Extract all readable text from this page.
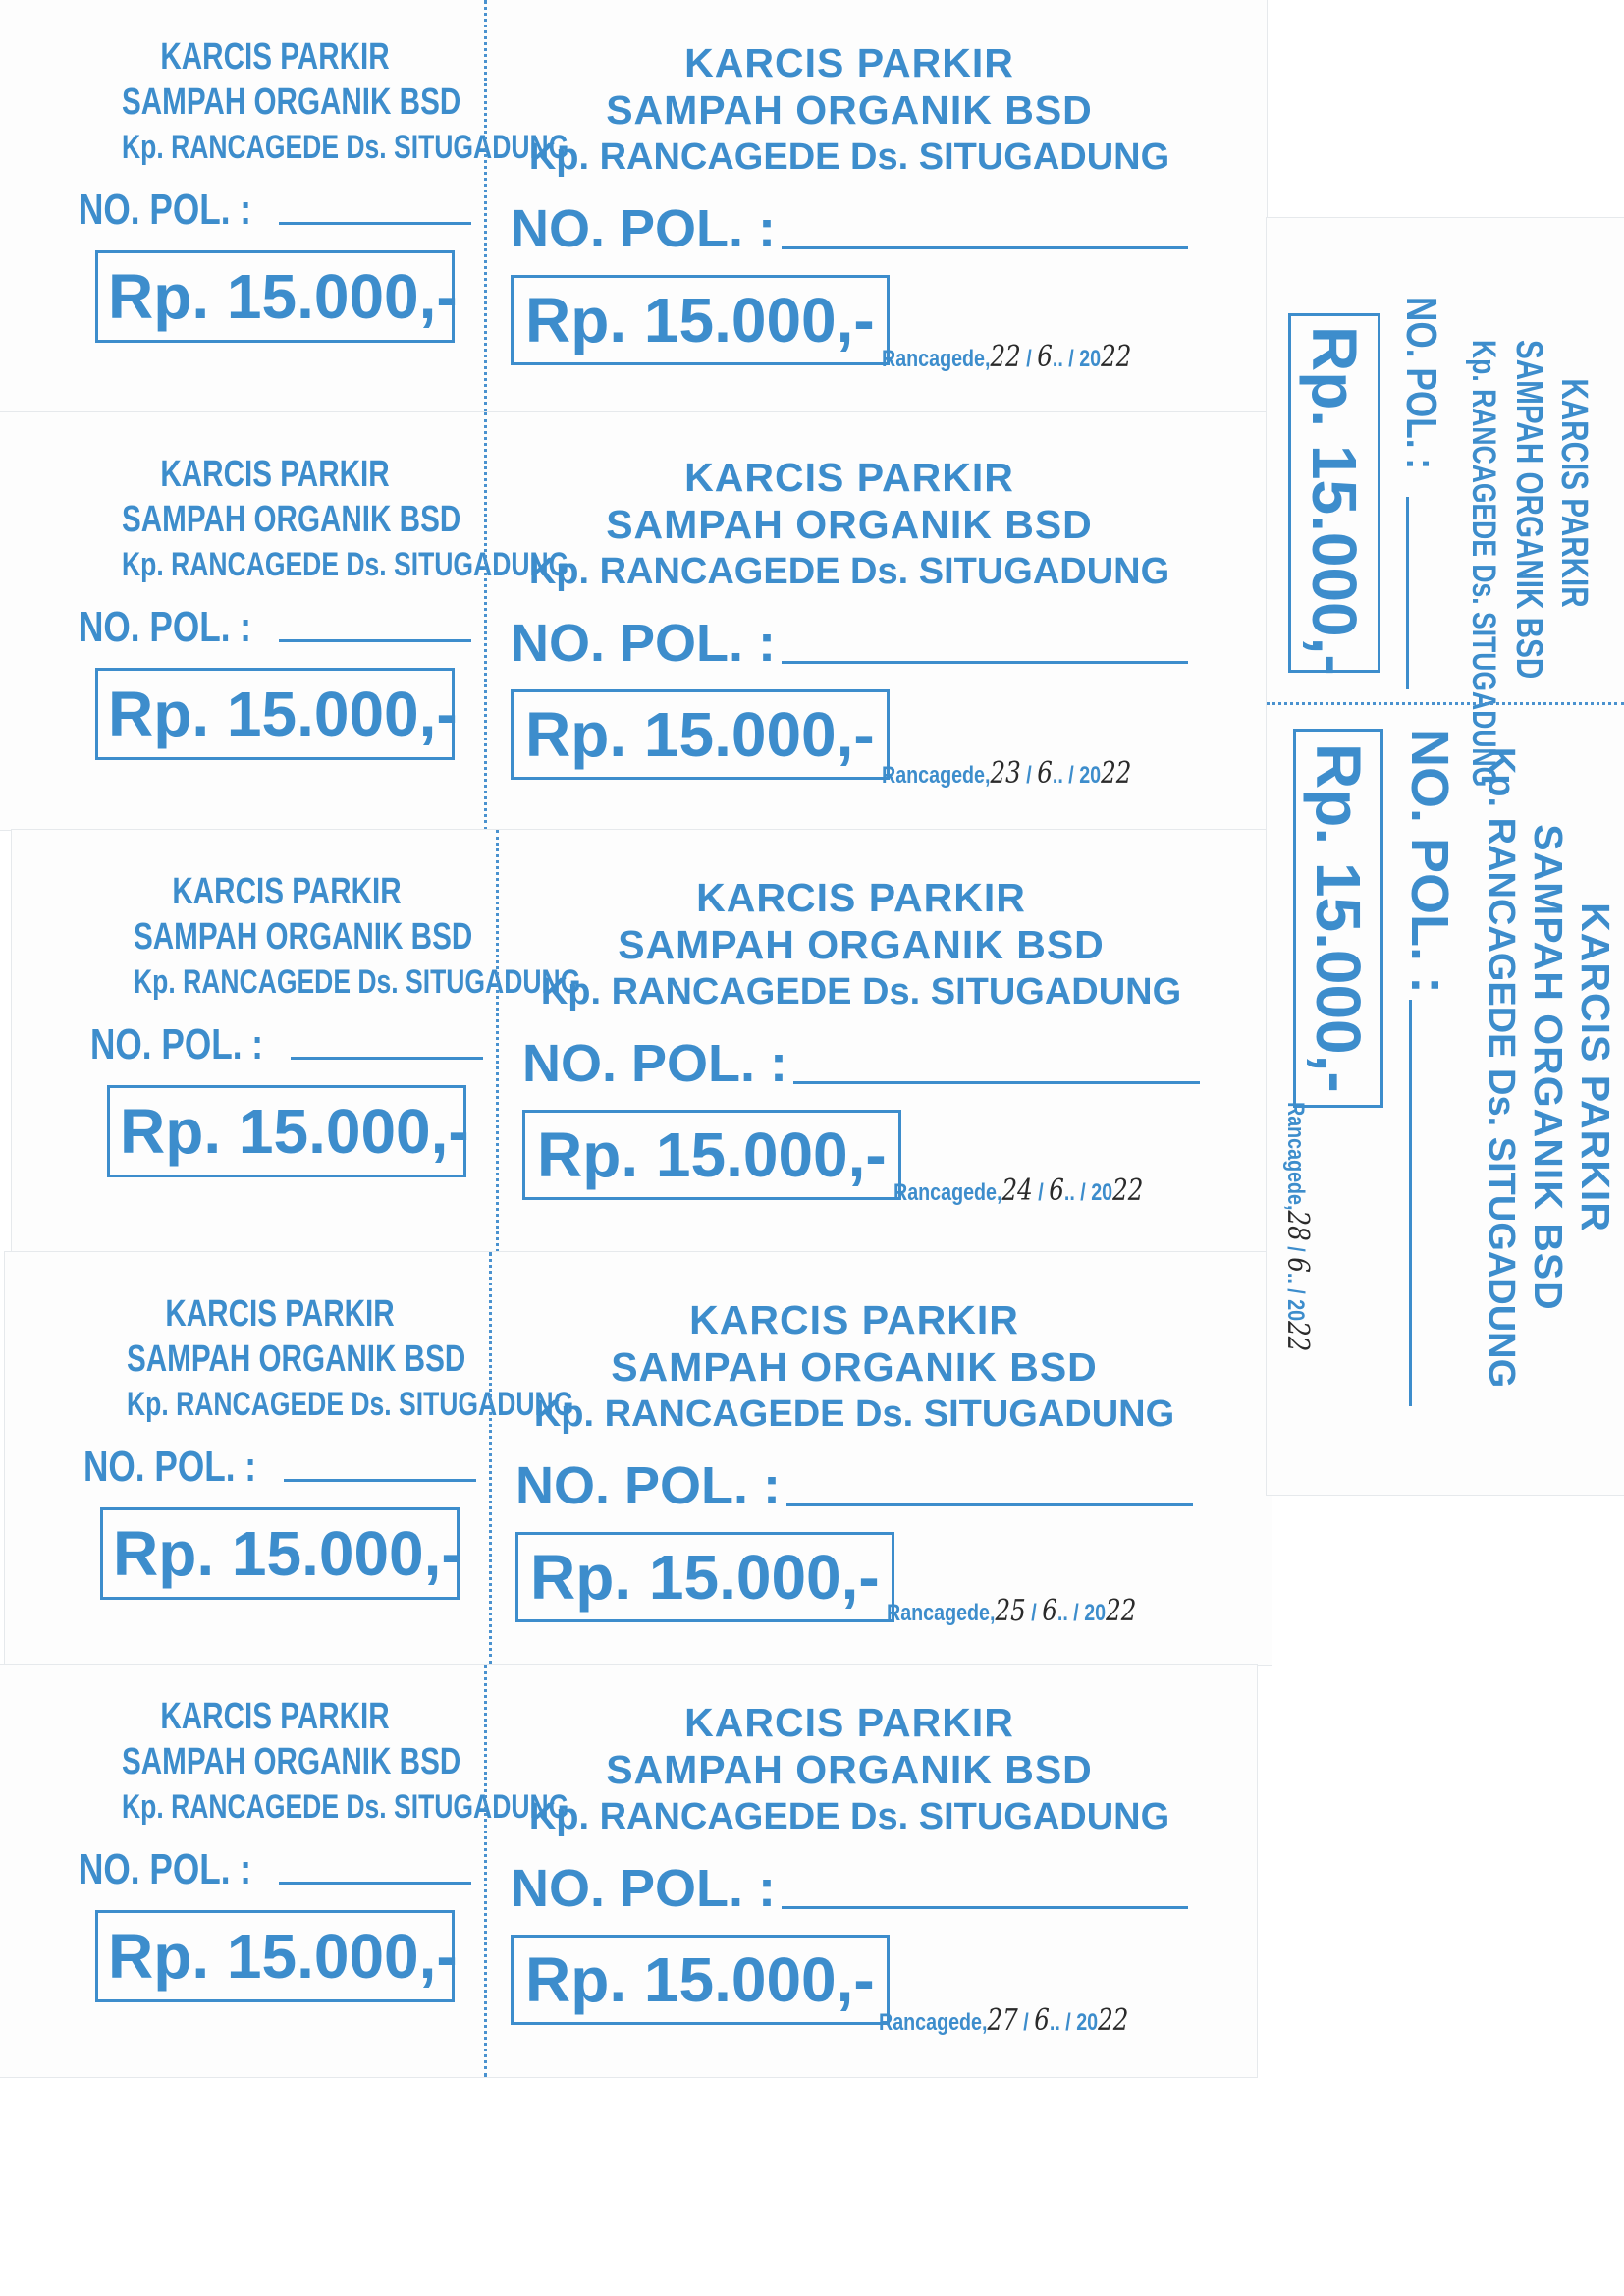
KARCIS PARKIR
SAMPAH ORGANIK BSD
Kp. RANCAGEDE Ds. SITUGADUNG
NO. POL. :
Rp. 15.000,-
KARCIS PARKIR
SAMPAH ORGANIK BSD
Kp. RANCAGEDE Ds. SITUGADUNG
NO. POL. :
Rp. 15.000,-
Rancagede,22 / 6.. / 2022
KARCIS PARKIR
SAMPAH ORGANIK BSD
Kp. RANCAGEDE Ds. SITUGADUNG
NO. POL. :
Rp. 15.000,-
KARCIS PARKIR
SAMPAH ORGANIK BSD
Kp. RANCAGEDE Ds. SITUGADUNG
NO. POL. :
Rp. 15.000,-
Rancagede,23 / 6.. / 2022
KARCIS PARKIR
SAMPAH ORGANIK BSD
Kp. RANCAGEDE Ds. SITUGADUNG
NO. POL. :
Rp. 15.000,-
KARCIS PARKIR
SAMPAH ORGANIK BSD
Kp. RANCAGEDE Ds. SITUGADUNG
NO. POL. :
Rp. 15.000,-
Rancagede,24 / 6.. / 2022
KARCIS PARKIR
SAMPAH ORGANIK BSD
Kp. RANCAGEDE Ds. SITUGADUNG
NO. POL. :
Rp. 15.000,-
KARCIS PARKIR
SAMPAH ORGANIK BSD
Kp. RANCAGEDE Ds. SITUGADUNG
NO. POL. :
Rp. 15.000,-
Rancagede,25 / 6.. / 2022
KARCIS PARKIR
SAMPAH ORGANIK BSD
Kp. RANCAGEDE Ds. SITUGADUNG
NO. POL. :
Rp. 15.000,-
KARCIS PARKIR
SAMPAH ORGANIK BSD
Kp. RANCAGEDE Ds. SITUGADUNG
NO. POL. :
Rp. 15.000,-
Rancagede,27 / 6.. / 2022
KARCIS PARKIR
SAMPAH ORGANIK BSD
Kp. RANCAGEDE Ds. SITUGADUNG
NO. POL. :
Rp. 15.000,-
KARCIS PARKIR
SAMPAH ORGANIK BSD
Kp. RANCAGEDE Ds. SITUGADUNG
NO. POL. :
Rp. 15.000,-
Rancagede,28 / 6.. / 2022
